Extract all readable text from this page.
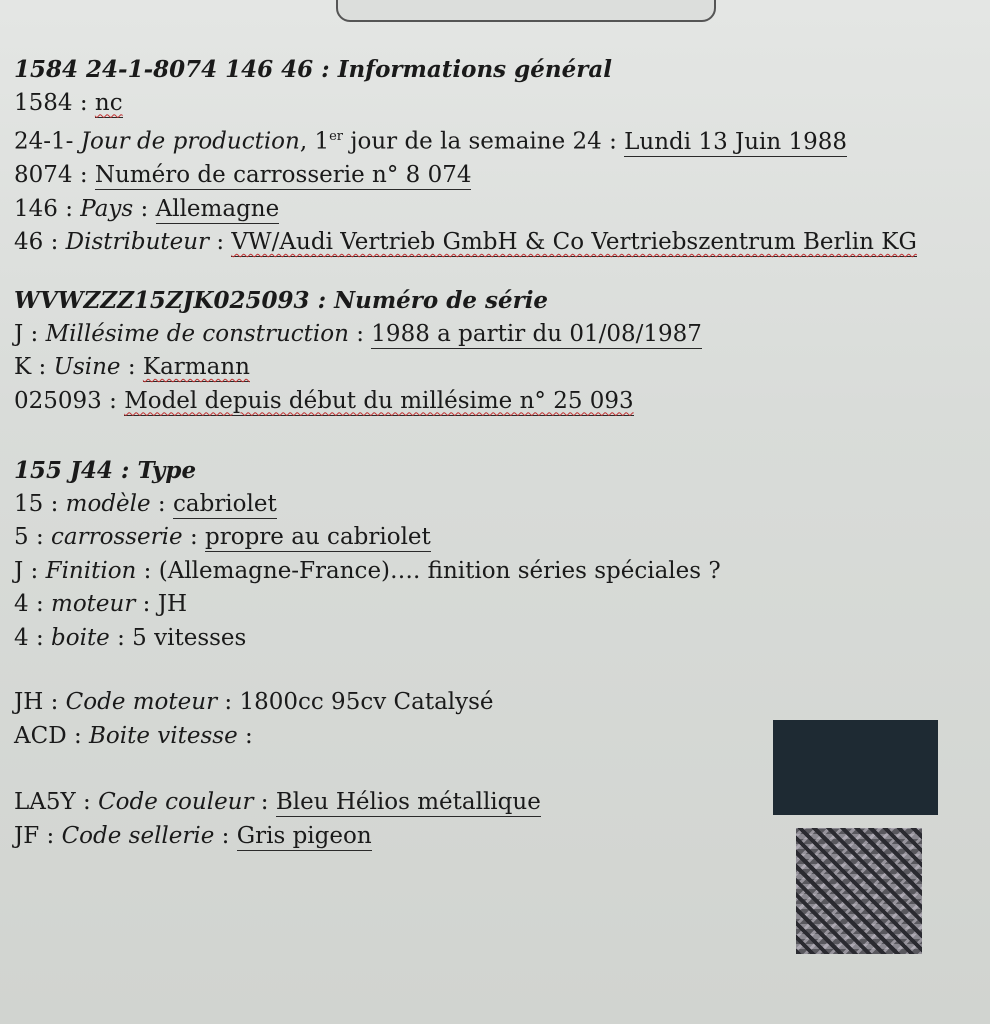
1584 24-1-8074 146 46 : Informations général
1584 : nc
24-1- Jour de production, 1er jour de la semaine 24 : Lundi 13 Juin 1988
8074 : Numéro de carrosserie n° 8 074
146 : Pays : Allemagne
46 : Distributeur : VW/Audi Vertrieb GmbH & Co Vertriebszentrum Berlin KG
WVWZZZ15ZJK025093 : Numéro de série
J : Millésime de construction : 1988 a partir du 01/08/1987
K : Usine : Karmann
025093 : Model depuis début du millésime n° 25 093
155 J44 : Type
15 : modèle : cabriolet
5 : carrosserie : propre au cabriolet
J : Finition : (Allemagne-France)…. finition séries spéciales ?
4 : moteur : JH
4 : boite : 5 vitesses
JH : Code moteur : 1800cc 95cv Catalysé
ACD : Boite vitesse :
LA5Y : Code couleur : Bleu Hélios métallique
JF : Code sellerie : Gris pigeon
